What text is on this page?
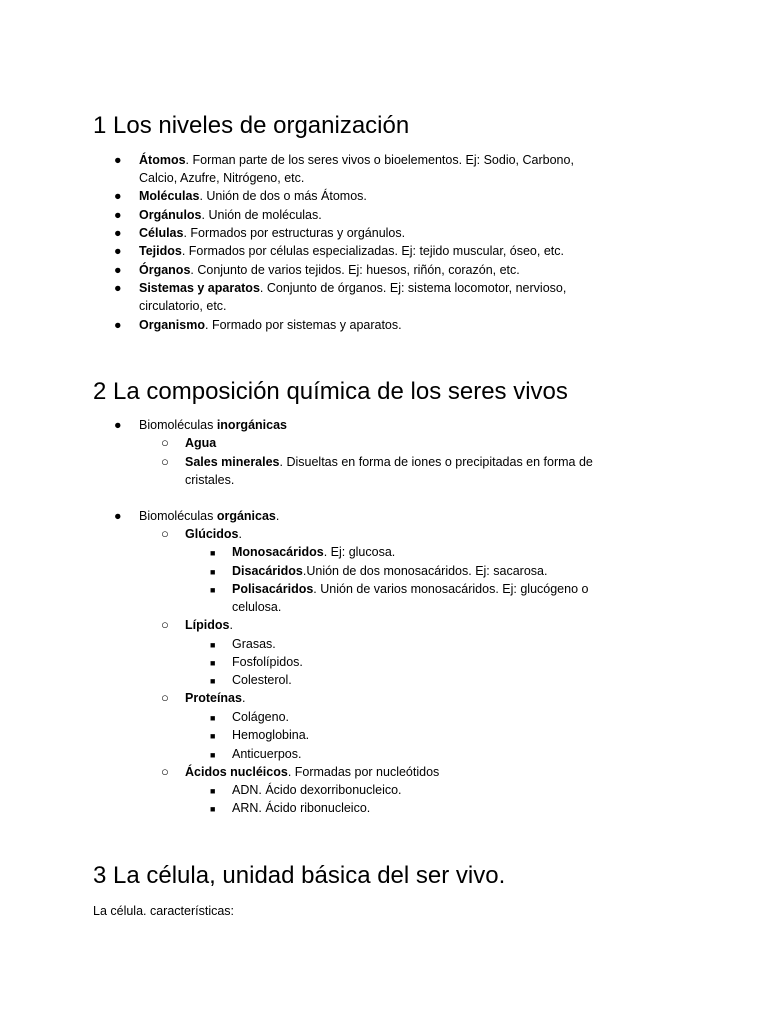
1 Los niveles de organización
● Átomos. Forman parte de los seres vivos o bioelementos. Ej: Sodio, Carbono,
Calcio, Azufre, Nitrógeno, etc.
● Moléculas. Unión de dos o más Átomos.
● Orgánulos. Unión de moléculas.
● Células. Formados por estructuras y orgánulos.
● Tejidos. Formados por células especializadas. Ej: tejido muscular, óseo, etc.
● Órganos. Conjunto de varios tejidos. Ej: huesos, riñón, corazón, etc.
● Sistemas y aparatos. Conjunto de órganos. Ej: sistema locomotor, nervioso,
circulatorio, etc.
● Organismo. Formado por sistemas y aparatos.
2 La composición química de los seres vivos
● Biomoléculas inorgánicas
○ Agua
○ Sales minerales. Disueltas en forma de iones o precipitadas en forma de
cristales.
● Biomoléculas orgánicas.
○ Glúcidos.
■ Monosacáridos. Ej: glucosa.
■ Disacáridos.Unión de dos monosacáridos. Ej: sacarosa.
■ Polisacáridos. Unión de varios monosacáridos. Ej: glucógeno o
celulosa.
○ Lípidos.
■ Grasas.
■ Fosfolípidos.
■ Colesterol.
○ Proteínas.
■ Colágeno.
■ Hemoglobina.
■ Anticuerpos.
○ Ácidos nucléicos. Formadas por nucleótidos
■ ADN. Ácido dexorribonucleico.
■ ARN. Ácido ribonucleico.
3 La célula, unidad básica del ser vivo.
La célula. características:
